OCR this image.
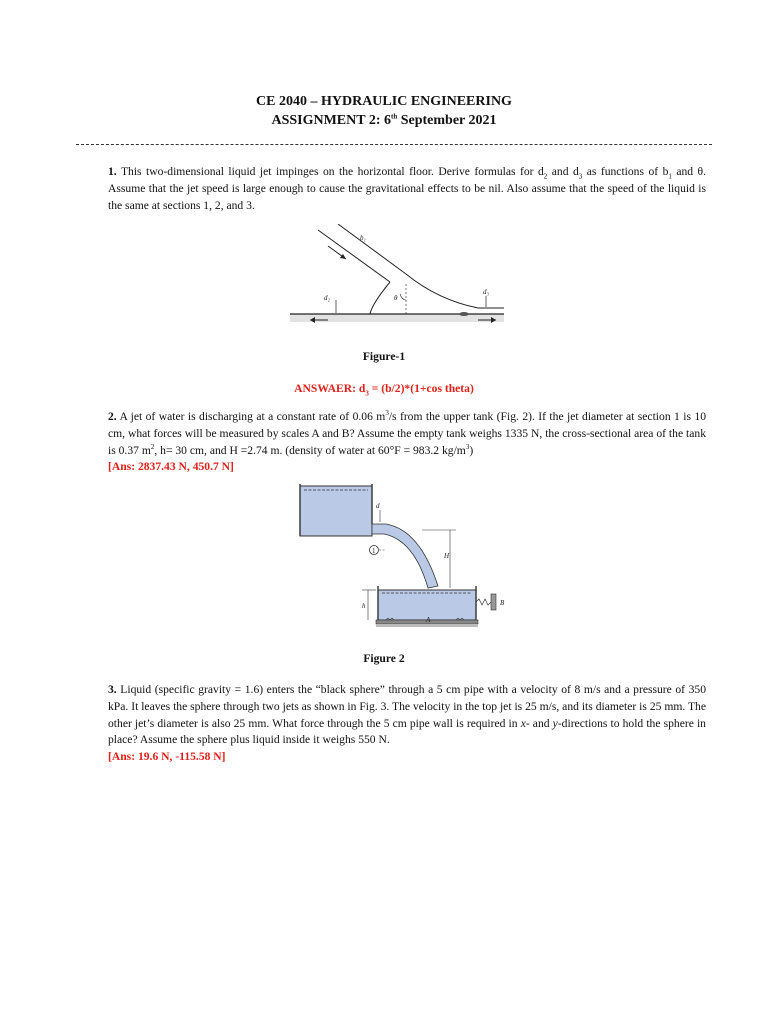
CE 2040 – HYDRAULIC ENGINEERING
ASSIGNMENT 2: 6th September 2021
1. This two-dimensional liquid jet impinges on the horizontal floor. Derive formulas for $d_2$ and $d_3$ as functions of $b_1$ and θ. Assume that the jet speed is large enough to cause the gravitational effects to be nil. Also assume that the speed of the liquid is the same at sections 1, 2, and 3.
b₁
d₂
d₃
θ
Figure-1
ANSWAER: $d_3 = (b/2)*(1+\cos$ theta)
2. A jet of water is discharging at a constant rate of 0.06 $m^3/s$ from the upper tank (Fig. 2). If the jet diameter at section 1 is 10 cm, what forces will be measured by scales A and B? Assume the empty tank weighs 1335 N, the cross-sectional area of the tank is 0.37 $m^2$, h= 30 cm, and H =2.74 m. (density of water at 60°F = 983.2 $kg/m^3$)
[Ans: 2837.43 N, 450.7 N]
1
d
H
h
A
B
Figure 2
3. Liquid (specific gravity = 1.6) enters the “black sphere” through a 5 cm pipe with a velocity of 8 m/s and a pressure of 350 kPa. It leaves the sphere through two jets as shown in Fig. 3. The velocity in the top jet is 25 m/s, and its diameter is 25 mm. The other jet’s diameter is also 25 mm. What force through the 5 cm pipe wall is required in x- and y-directions to hold the sphere in place? Assume the sphere plus liquid inside it weighs 550 N.
[Ans: 19.6 N, -115.58 N]
